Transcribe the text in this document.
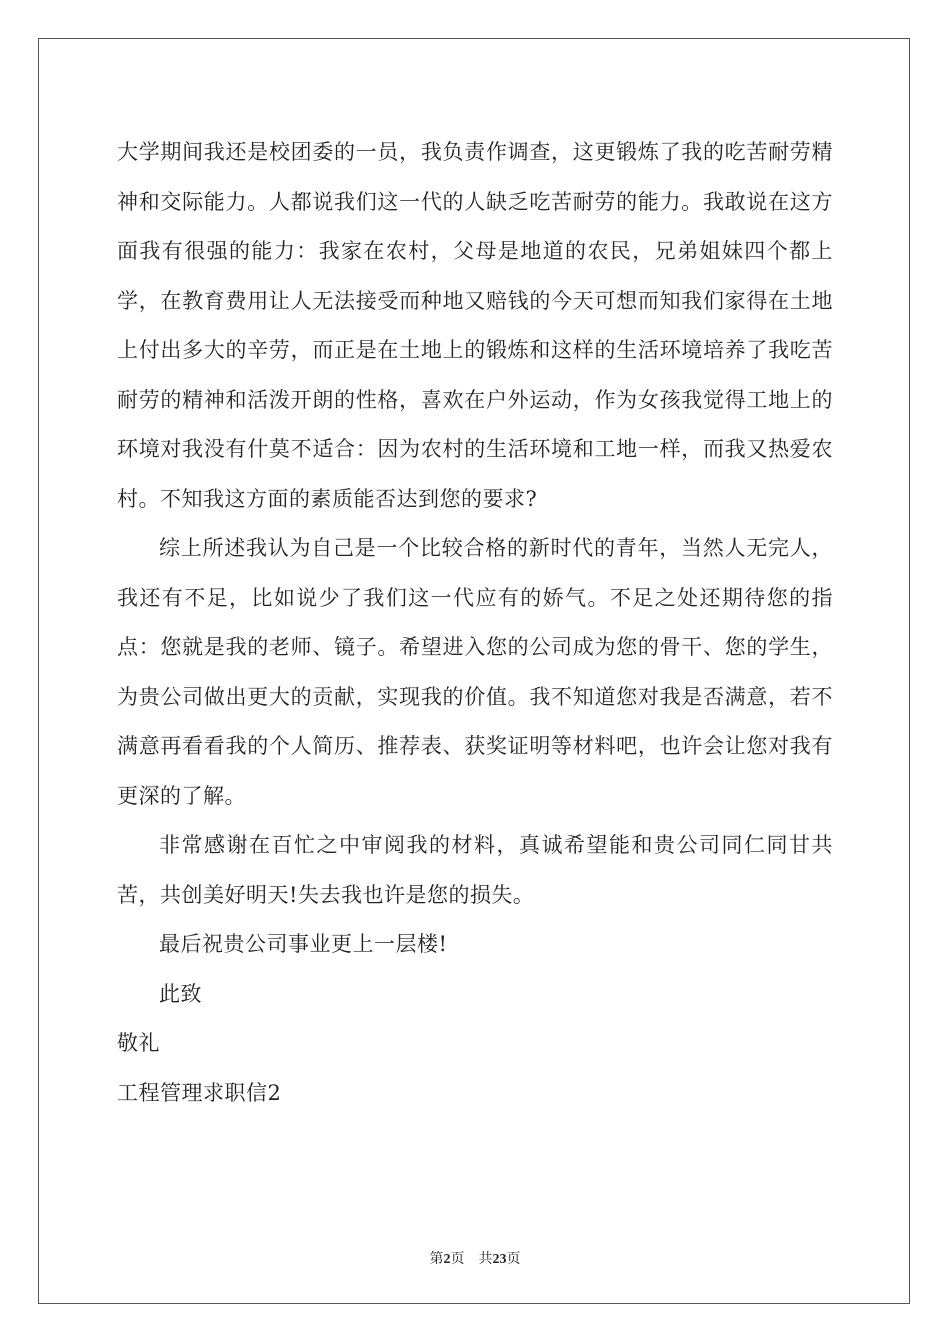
大学期间我还是校团委的一员，我负责作调查，这更锻炼了我的吃苦耐劳精神和交际能力。人都说我们这一代的人缺乏吃苦耐劳的能力。我敢说在这方面我有很强的能力：我家在农村，父母是地道的农民，兄弟姐妹四个都上学，在教育费用让人无法接受而种地又赔钱的今天可想而知我们家得在土地上付出多大的辛劳，而正是在土地上的锻炼和这样的生活环境培养了我吃苦耐劳的精神和活泼开朗的性格，喜欢在户外运动，作为女孩我觉得工地上的环境对我没有什莫不适合：因为农村的生活环境和工地一样，而我又热爱农村。不知我这方面的素质能否达到您的要求?

综上所述我认为自己是一个比较合格的新时代的青年，当然人无完人，我还有不足，比如说少了我们这一代应有的娇气。不足之处还期待您的指点：您就是我的老师、镜子。希望进入您的公司成为您的骨干、您的学生，为贵公司做出更大的贡献，实现我的价值。我不知道您对我是否满意，若不满意再看看我的个人简历、推荐表、获奖证明等材料吧，也许会让您对我有更深的了解。

非常感谢在百忙之中审阅我的材料，真诚希望能和贵公司同仁同甘共苦，共创美好明天!失去我也许是您的损失。

最后祝贵公司事业更上一层楼!

此致

敬礼

工程管理求职信2

第2页 共23页
